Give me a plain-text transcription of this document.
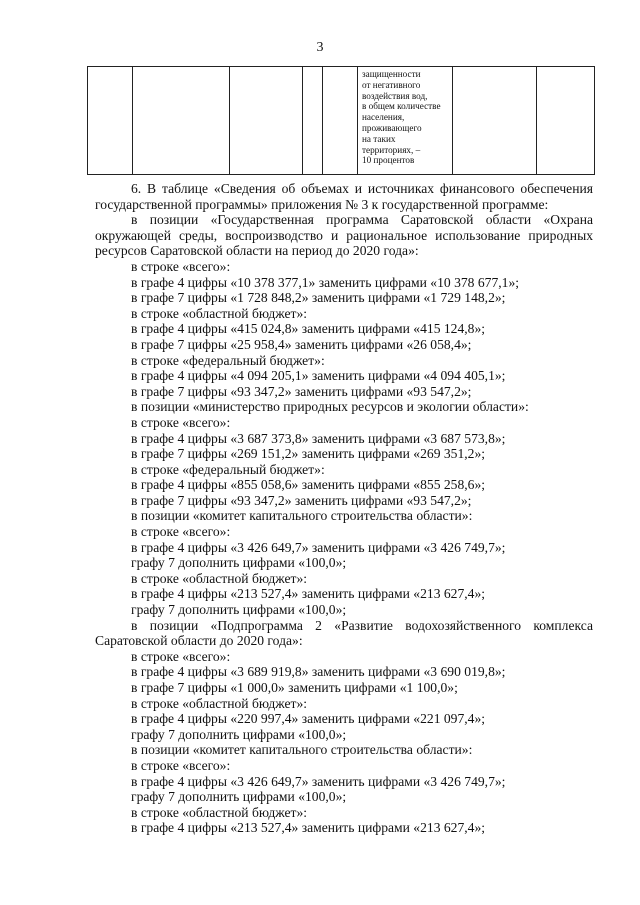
3

защищенности
от негативного
воздействия вод,
в общем количестве
населения,
проживающего
на таких
территориях, –
10 процентов

6. В таблице «Сведения об объемах и источниках финансового обеспечения государственной программы» приложения № 3 к государственной программе:

в позиции «Государственная программа Саратовской области «Охрана окружающей среды, воспроизводство и рациональное использование природных ресурсов Саратовской области на период до 2020 года»:

в строке «всего»:

в графе 4 цифры «10 378 377,1» заменить цифрами «10 378 677,1»;

в графе 7 цифры «1 728 848,2» заменить цифрами «1 729 148,2»;

в строке «областной бюджет»:

в графе 4 цифры «415 024,8» заменить цифрами «415 124,8»;

в графе 7 цифры «25 958,4» заменить цифрами «26 058,4»;

в строке «федеральный бюджет»:

в графе 4 цифры «4 094 205,1» заменить цифрами «4 094 405,1»;

в графе 7 цифры «93 347,2» заменить цифрами «93 547,2»;

в позиции «министерство природных ресурсов и экологии области»:

в строке «всего»:

в графе 4 цифры «3 687 373,8» заменить цифрами «3 687 573,8»;

в графе 7 цифры «269 151,2» заменить цифрами «269 351,2»;

в строке «федеральный бюджет»:

в графе 4 цифры «855 058,6» заменить цифрами «855 258,6»;

в графе 7 цифры «93 347,2» заменить цифрами «93 547,2»;

в позиции «комитет капитального строительства области»:

в строке «всего»:

в графе 4 цифры «3 426 649,7» заменить цифрами «3 426 749,7»;

графу 7 дополнить цифрами «100,0»;

в строке «областной бюджет»:

в графе 4 цифры «213 527,4» заменить цифрами «213 627,4»;

графу 7 дополнить цифрами «100,0»;

в позиции «Подпрограмма 2 «Развитие водохозяйственного комплекса Саратовской области до 2020 года»:

в строке «всего»:

в графе 4 цифры «3 689 919,8» заменить цифрами «3 690 019,8»;

в графе 7 цифры «1 000,0» заменить цифрами «1 100,0»;

в строке «областной бюджет»:

в графе 4 цифры «220 997,4» заменить цифрами «221 097,4»;

графу 7 дополнить цифрами «100,0»;

в позиции «комитет капитального строительства области»:

в строке «всего»:

в графе 4 цифры «3 426 649,7» заменить цифрами «3 426 749,7»;

графу 7 дополнить цифрами «100,0»;

в строке «областной бюджет»:

в графе 4 цифры «213 527,4» заменить цифрами «213 627,4»;
